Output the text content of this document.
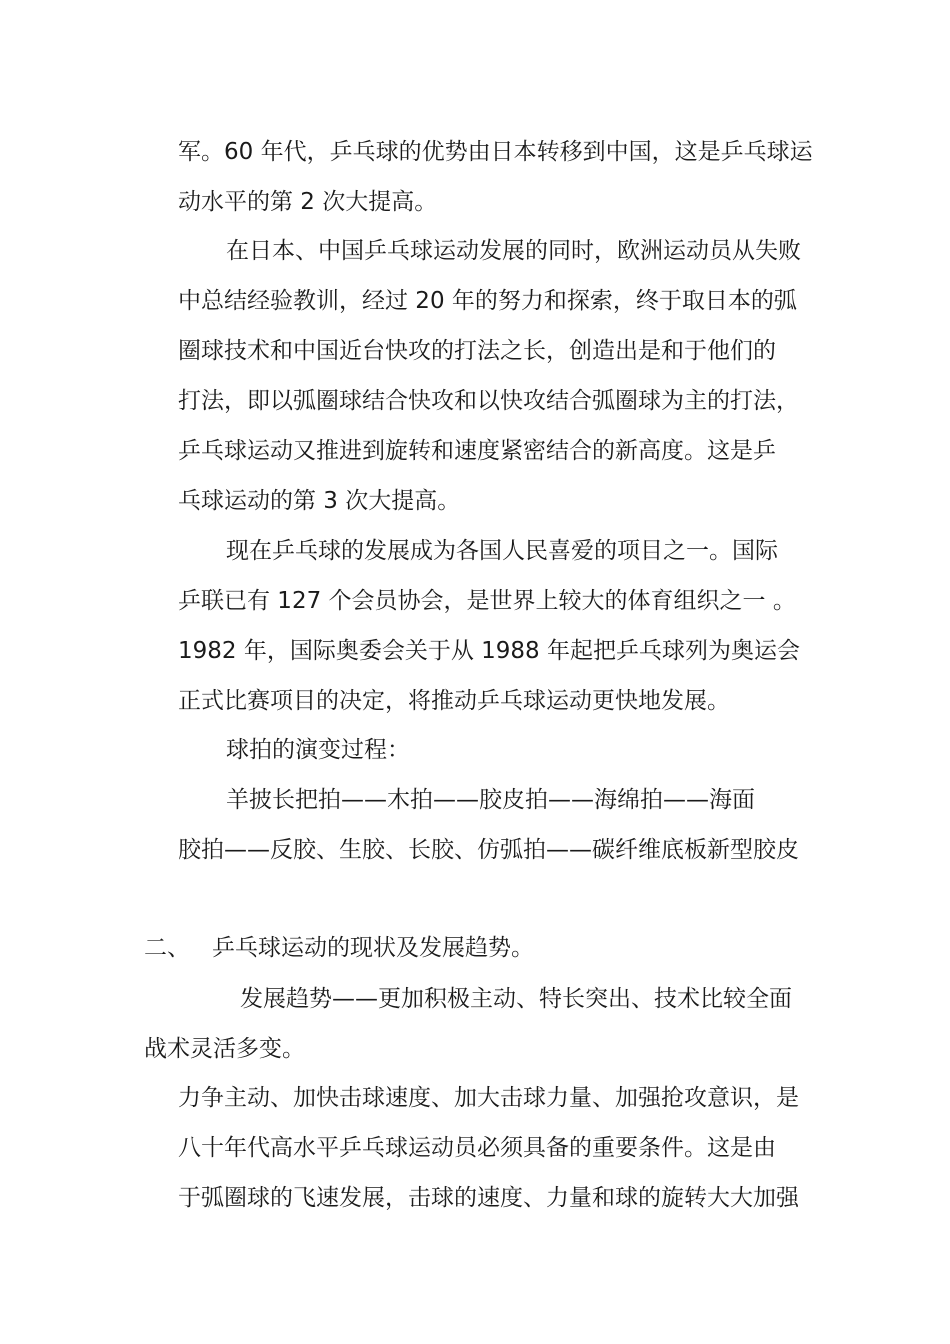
军。60 年代，乒乓球的优势由日本转移到中国，这是乒乓球运
动水平的第 2 次大提高。
在日本、中国乒乓球运动发展的同时，欧洲运动员从失败
中总结经验教训，经过 20 年的努力和探索，终于取日本的弧
圈球技术和中国近台快攻的打法之长，创造出是和于他们的
打法，即以弧圈球结合快攻和以快攻结合弧圈球为主的打法，
乒乓球运动又推进到旋转和速度紧密结合的新高度。这是乒
乓球运动的第 3 次大提高。
现在乒乓球的发展成为各国人民喜爱的项目之一。国际
乒联已有 127 个会员协会，是世界上较大的体育组织之一 。
1982 年，国际奥委会关于从 1988 年起把乒乓球列为奥运会
正式比赛项目的决定，将推动乒乓球运动更快地发展。
球拍的演变过程：
羊披长把拍——木拍——胶皮拍——海绵拍——海面
胶拍——反胶、生胶、长胶、仿弧拍——碳纤维底板新型胶皮
二、 乒乓球运动的现状及发展趋势。
发展趋势——更加积极主动、特长突出、技术比较全面
战术灵活多变。
力争主动、加快击球速度、加大击球力量、加强抢攻意识，是
八十年代高水平乒乓球运动员必须具备的重要条件。这是由
于弧圈球的飞速发展，击球的速度、力量和球的旋转大大加强
